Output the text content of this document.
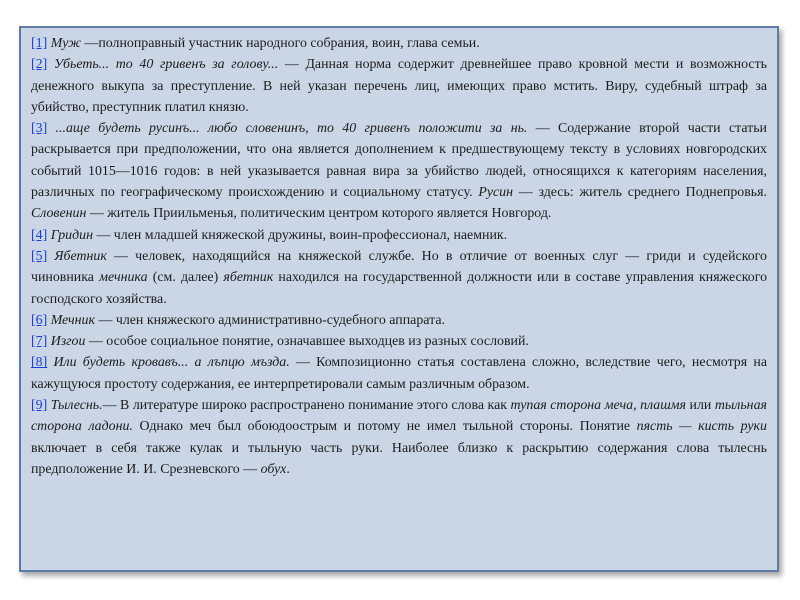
[1] Муж —полноправный участник народного собрания, воин, глава семьи.

[2] Убьеть... то 40 гривенъ за голову... — Данная норма содержит древнейшее право кровной мести и возможность денежного выкупа за преступление. В ней указан перечень лиц, имеющих право мстить. Виру, судебный штраф за убийство, преступник платил князю.

[3] ...аще будеть русинъ... любо словенинъ, то 40 гривенъ положити за нь. — Содержание второй части статьи раскрывается при предположении, что она является дополнением к предшествующему тексту в условиях новгородских событий 1015—1016 годов: в ней указывается равная вира за убийство людей, относящихся к категориям населения, различных по географическому происхождению и социальному статусу. Русин — здесь: житель среднего Поднепровья. Словенин — житель Приильменья, политическим центром которого является Новгород.

[4] Гридин — член младшей княжеской дружины, воин-профессионал, наемник.

[5] Ябетник — человек, находящийся на княжеской службе. Но в отличие от военных слуг — гриди и судейского чиновника мечника (см. далее) ябетник находился на государственной должности или в составе управления княжеского господского хозяйства.

[6] Мечник — член княжеского административно-судебного аппарата.

[7] Изгои — особое социальное понятие, означавшее выходцев из разных сословий.

[8] Или будеть кровавъ... а лъпцю мъзда. — Композиционно статья составлена сложно, вследствие чего, несмотря на кажущуюся простоту содержания, ее интерпретировали самым различным образом.

[9] Тылеснь.— В литературе широко распространено понимание этого слова как тупая сторона меча, плашмя или тыльная сторона ладони. Однако меч был обоюдоострым и потому не имел тыльной стороны. Понятие пясть — кисть руки включает в себя также кулак и тыльную часть руки. Наиболее близко к раскрытию содержания слова тылеснь предположение И. И. Срезневского — обух.
